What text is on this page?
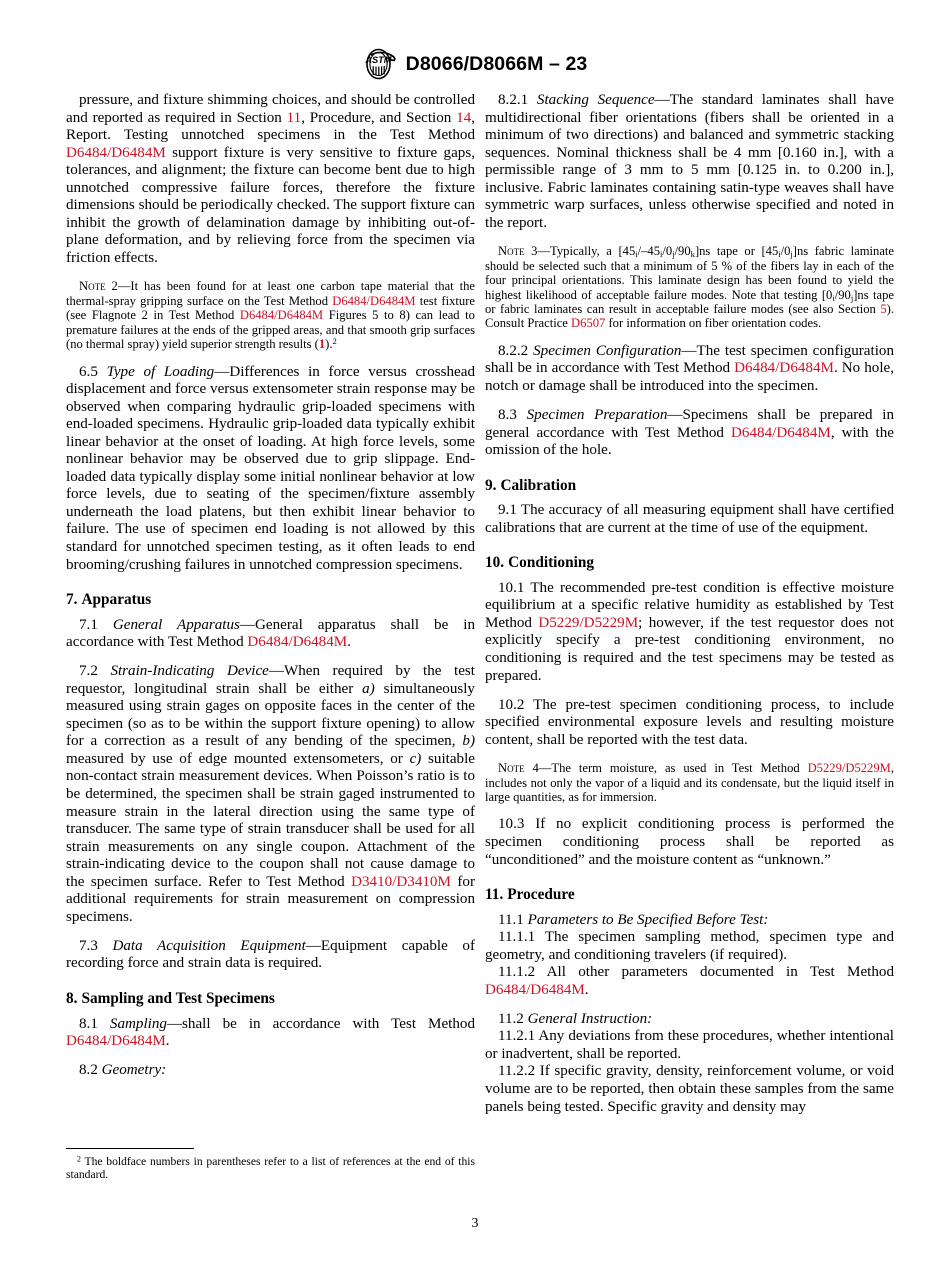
ASTM D8066/D8066M – 23

pressure, and fixture shimming choices, and should be controlled and reported as required in Section 11, Procedure, and Section 14, Report. Testing unnotched specimens in the Test Method D6484/D6484M support fixture is very sensitive to fixture gaps, tolerances, and alignment; the fixture can become bent due to high unnotched compressive failure forces, therefore the fixture dimensions should be periodically checked. The support fixture can inhibit the growth of delamination damage by inhibiting out-of-plane deformation, and by relieving force from the specimen via friction effects.

Note 2—It has been found for at least one carbon tape material that the thermal-spray gripping surface on the Test Method D6484/D6484M test fixture (see Flagnote 2 in Test Method D6484/D6484M Figures 5 to 8) can lead to premature failures at the ends of the gripped areas, and that smooth grip surfaces (no thermal spray) yield superior strength results (1).$^2$

6.5 Type of Loading—Differences in force versus crosshead displacement and force versus extensometer strain response may be observed when comparing hydraulic grip-loaded specimens with end-loaded specimens. Hydraulic grip-loaded data typically exhibit linear behavior at the onset of loading. At high force levels, some nonlinear behavior may be observed due to grip slippage. End-loaded data typically display some initial nonlinear behavior at low force levels, due to seating of the specimen/fixture assembly underneath the load platens, but then exhibit linear behavior to failure. The use of specimen end loading is not allowed by this standard for unnotched specimen testing, as it often leads to end brooming/crushing failures in unnotched compression specimens.

7. Apparatus

7.1 General Apparatus—General apparatus shall be in accordance with Test Method D6484/D6484M.

7.2 Strain-Indicating Device—When required by the test requestor, longitudinal strain shall be either a) simultaneously measured using strain gages on opposite faces in the center of the specimen (so as to be within the support fixture opening) to allow for a correction as a result of any bending of the specimen, b) measured by use of edge mounted extensometers, or c) suitable non-contact strain measurement devices. When Poisson’s ratio is to be determined, the specimen shall be strain gaged instrumented to measure strain in the lateral direction using the same type of transducer. The same type of strain transducer shall be used for all strain measurements on any single coupon. Attachment of the strain-indicating device to the coupon shall not cause damage to the specimen surface. Refer to Test Method D3410/D3410M for additional requirements for strain measurement on compression specimens.

7.3 Data Acquisition Equipment—Equipment capable of recording force and strain data is required.

8. Sampling and Test Specimens

8.1 Sampling—shall be in accordance with Test Method D6484/D6484M.

8.2 Geometry:

8.2.1 Stacking Sequence—The standard laminates shall have multidirectional fiber orientations (fibers shall be oriented in a minimum of two directions) and balanced and symmetric stacking sequences. Nominal thickness shall be 4 mm [0.160 in.], with a permissible range of 3 mm to 5 mm [0.125 in. to 0.200 in.], inclusive. Fabric laminates containing satin-type weaves shall have symmetric warp surfaces, unless otherwise specified and noted in the report.

Note 3—Typically, a $[45_i/-45_i/0_j/90_k]ns$ tape or $[45_i/0_j]ns$ fabric laminate should be selected such that a minimum of 5 % of the fibers lay in each of the four principal orientations. This laminate design has been found to yield the highest likelihood of acceptable failure modes. Note that testing $[0_i/90_j]ns$ tape or fabric laminates can result in acceptable failure modes (see also Section 5). Consult Practice D6507 for information on fiber orientation codes.

8.2.2 Specimen Configuration—The test specimen configuration shall be in accordance with Test Method D6484/D6484M. No hole, notch or damage shall be introduced into the specimen.

8.3 Specimen Preparation—Specimens shall be prepared in general accordance with Test Method D6484/D6484M, with the omission of the hole.

9. Calibration

9.1 The accuracy of all measuring equipment shall have certified calibrations that are current at the time of use of the equipment.

10. Conditioning

10.1 The recommended pre-test condition is effective moisture equilibrium at a specific relative humidity as established by Test Method D5229/D5229M; however, if the test requestor does not explicitly specify a pre-test conditioning environment, no conditioning is required and the test specimens may be tested as prepared.

10.2 The pre-test specimen conditioning process, to include specified environmental exposure levels and resulting moisture content, shall be reported with the test data.

Note 4—The term moisture, as used in Test Method D5229/D5229M, includes not only the vapor of a liquid and its condensate, but the liquid itself in large quantities, as for immersion.

10.3 If no explicit conditioning process is performed the specimen conditioning process shall be reported as “unconditioned” and the moisture content as “unknown.”

11. Procedure

11.1 Parameters to Be Specified Before Test:

11.1.1 The specimen sampling method, specimen type and geometry, and conditioning travelers (if required).

11.1.2 All other parameters documented in Test Method D6484/D6484M.

11.2 General Instruction:

11.2.1 Any deviations from these procedures, whether intentional or inadvertent, shall be reported.

11.2.2 If specific gravity, density, reinforcement volume, or void volume are to be reported, then obtain these samples from the same panels being tested. Specific gravity and density may

$^2$ The boldface numbers in parentheses refer to a list of references at the end of this standard.

3
